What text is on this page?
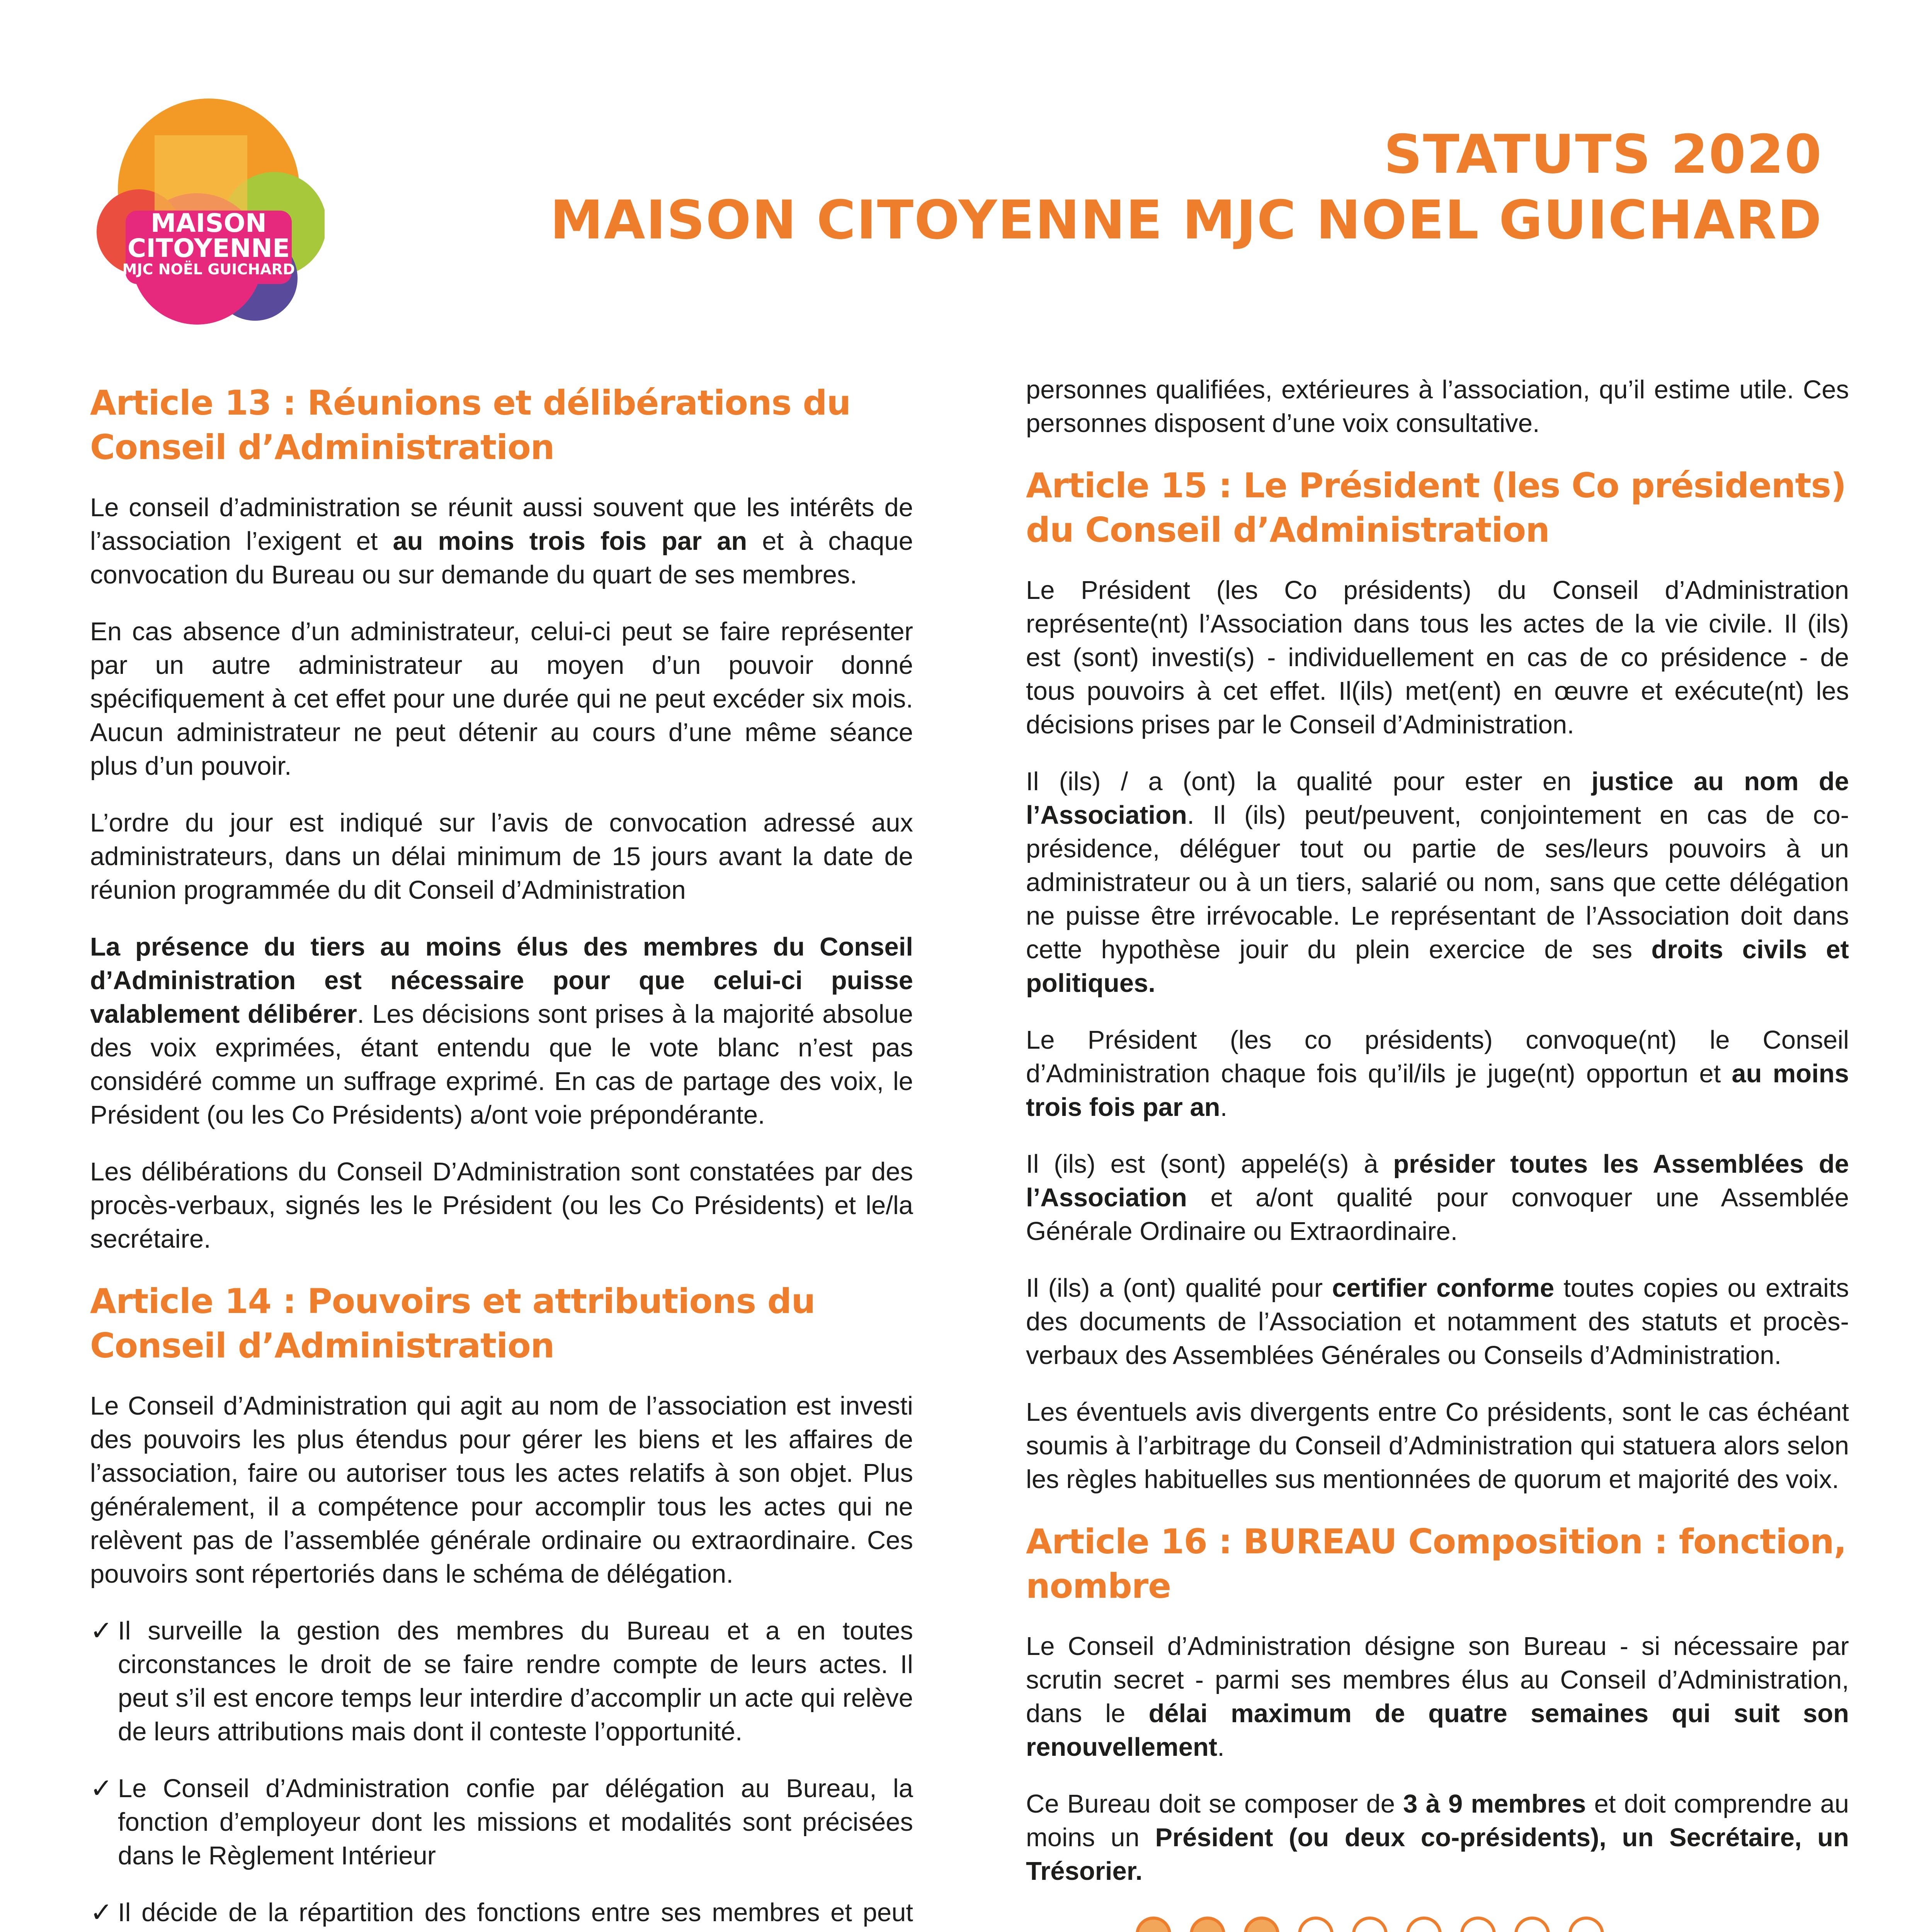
MAISON
CITOYENNE
MJC NOËL GUICHARD
STATUTS 2020
MAISON CITOYENNE MJC NOEL GUICHARD
Article 13 : Réunions et délibérations du Conseil d’Administration

Le conseil d’administration se réunit aussi souvent que les intérêts de l’association l’exigent et au moins trois fois par an et à chaque convocation du Bureau ou sur demande du quart de ses membres.

En cas absence d’un administrateur, celui-ci peut se faire représenter par un autre administrateur au moyen d’un pouvoir donné spécifiquement à cet effet pour une durée qui ne peut excéder six mois. Aucun administrateur ne peut détenir au cours d’une même séance plus d’un pouvoir.

L’ordre du jour est indiqué sur l’avis de convocation adressé aux administrateurs, dans un délai minimum de 15 jours avant la date de réunion programmée du dit Conseil d’Administration

La présence du tiers au moins élus des membres du Conseil d’Administration est nécessaire pour que celui-ci puisse valablement délibérer. Les décisions sont prises à la majorité absolue des voix exprimées, étant entendu que le vote blanc n’est pas considéré comme un suffrage exprimé. En cas de partage des voix, le Président (ou les Co Présidents) a/ont voie prépondérante.

Les délibérations du Conseil D’Administration sont constatées par des procès-verbaux, signés les le Président (ou les Co Présidents) et le/la secrétaire.

Article 14 : Pouvoirs et attributions du Conseil d’Administration

Le Conseil d’Administration qui agit au nom de l’association est investi des pouvoirs les plus étendus pour gérer les biens et les affaires de l’association, faire ou autoriser tous les actes relatifs à son objet. Plus généralement, il a compétence pour accomplir tous les actes qui ne relèvent pas de l’assemblée générale ordinaire ou extraordinaire. Ces pouvoirs sont répertoriés dans le schéma de délégation.

✓ Il surveille la gestion des membres du Bureau et a en toutes circonstances le droit de se faire rendre compte de leurs actes. Il peut s’il est encore temps leur interdire d’accomplir un acte qui relève de leurs attributions mais dont il conteste l’opportunité.
✓ Le Conseil d’Administration confie par délégation au Bureau, la fonction d’employeur dont les missions et modalités sont précisées dans le Règlement Intérieur
✓ Il décide de la répartition des fonctions entre ses membres et peut

personnes qualifiées, extérieures à l’association, qu’il estime utile. Ces personnes disposent d’une voix consultative.

Article 15 : Le Président (les Co présidents) du Conseil d’Administration

Le Président (les Co présidents) du Conseil d’Administration représente(nt) l’Association dans tous les actes de la vie civile. Il (ils) est (sont) investi(s) - individuellement en cas de co présidence - de tous pouvoirs à cet effet. Il(ils) met(ent) en œuvre et exécute(nt) les décisions prises par le Conseil d’Administration.

Il (ils) / a (ont) la qualité pour ester en justice au nom de l’Association. Il (ils) peut/peuvent, conjointement en cas de co-présidence, déléguer tout ou partie de ses/leurs pouvoirs à un administrateur ou à un tiers, salarié ou nom, sans que cette délégation ne puisse être irrévocable. Le représentant de l’Association doit dans cette hypothèse jouir du plein exercice de ses droits civils et politiques.

Le Président (les co présidents) convoque(nt) le Conseil d’Administration chaque fois qu’il/ils je juge(nt) opportun et au moins trois fois par an.

Il (ils) est (sont) appelé(s) à présider toutes les Assemblées de l’Association et a/ont qualité pour convoquer une Assemblée Générale Ordinaire ou Extraordinaire.

Il (ils) a (ont) qualité pour certifier conforme toutes copies ou extraits des documents de l’Association et notamment des statuts et procès-verbaux des Assemblées Générales ou Conseils d’Administration.

Les éventuels avis divergents entre Co présidents, sont le cas échéant soumis à l’arbitrage du Conseil d’Administration qui statuera alors selon les règles habituelles sus mentionnées de quorum et majorité des voix.

Article 16 : BUREAU Composition : fonction, nombre

Le Conseil d’Administration désigne son Bureau - si nécessaire par scrutin secret - parmi ses membres élus au Conseil d’Administration, dans le délai maximum de quatre semaines qui suit son renouvellement.

Ce Bureau doit se composer de 3 à 9 membres et doit comprendre au moins un Président (ou deux co-présidents), un Secrétaire, un Trésorier.
